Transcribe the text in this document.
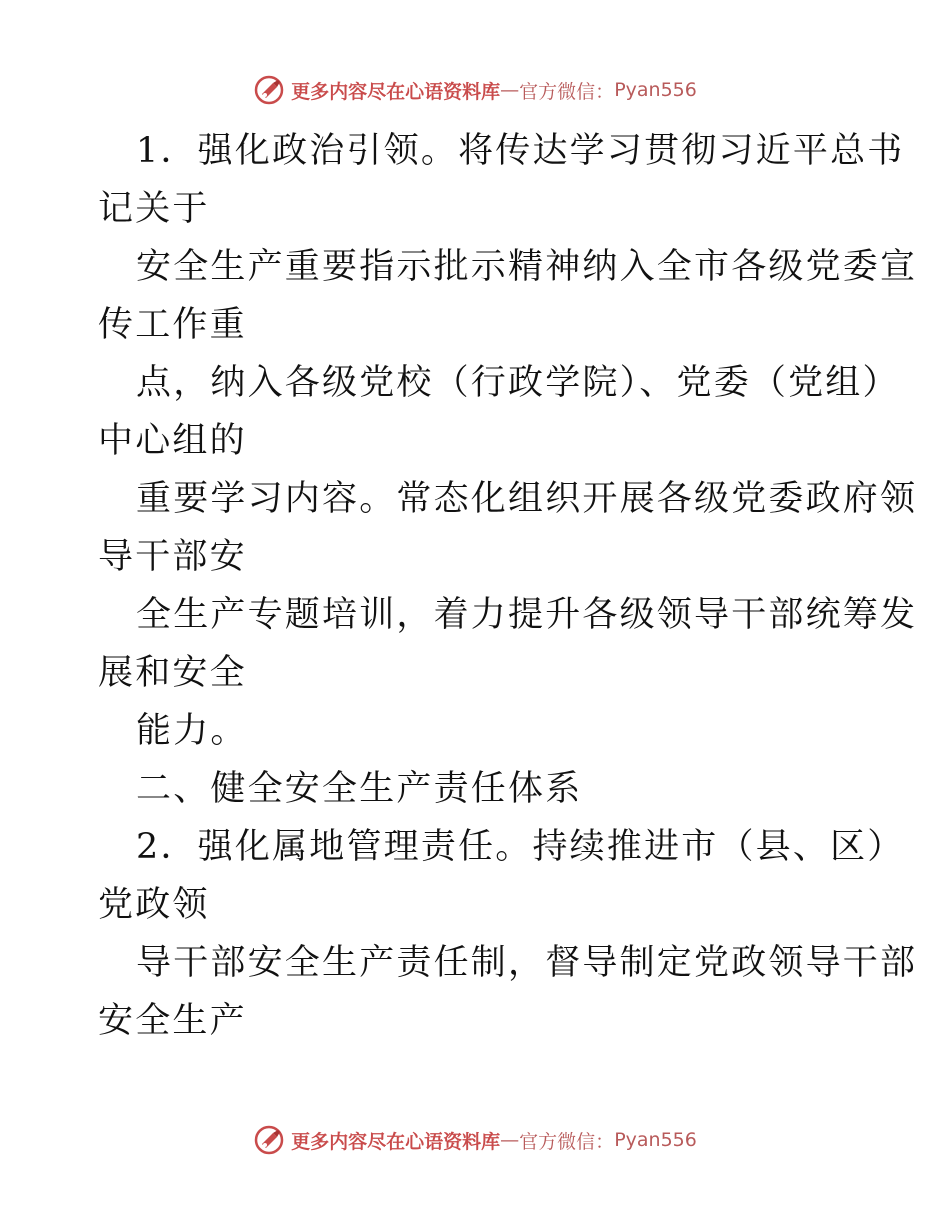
更多内容尽在心语资料库 — 官方微信： Pyan556
1．强化政治引领。将传达学习贯彻习近平总书
记关于
安全生产重要指示批示精神纳入全市各级党委宣
传工作重
点，纳入各级党校（行政学院）、党委（党组）
中心组的
重要学习内容。常态化组织开展各级党委政府领
导干部安
全生产专题培训，着力提升各级领导干部统筹发
展和安全
能力。
二、健全安全生产责任体系
2．强化属地管理责任。持续推进市（县、区）
党政领
导干部安全生产责任制，督导制定党政领导干部
安全生产
更多内容尽在心语资料库 — 官方微信： Pyan556
